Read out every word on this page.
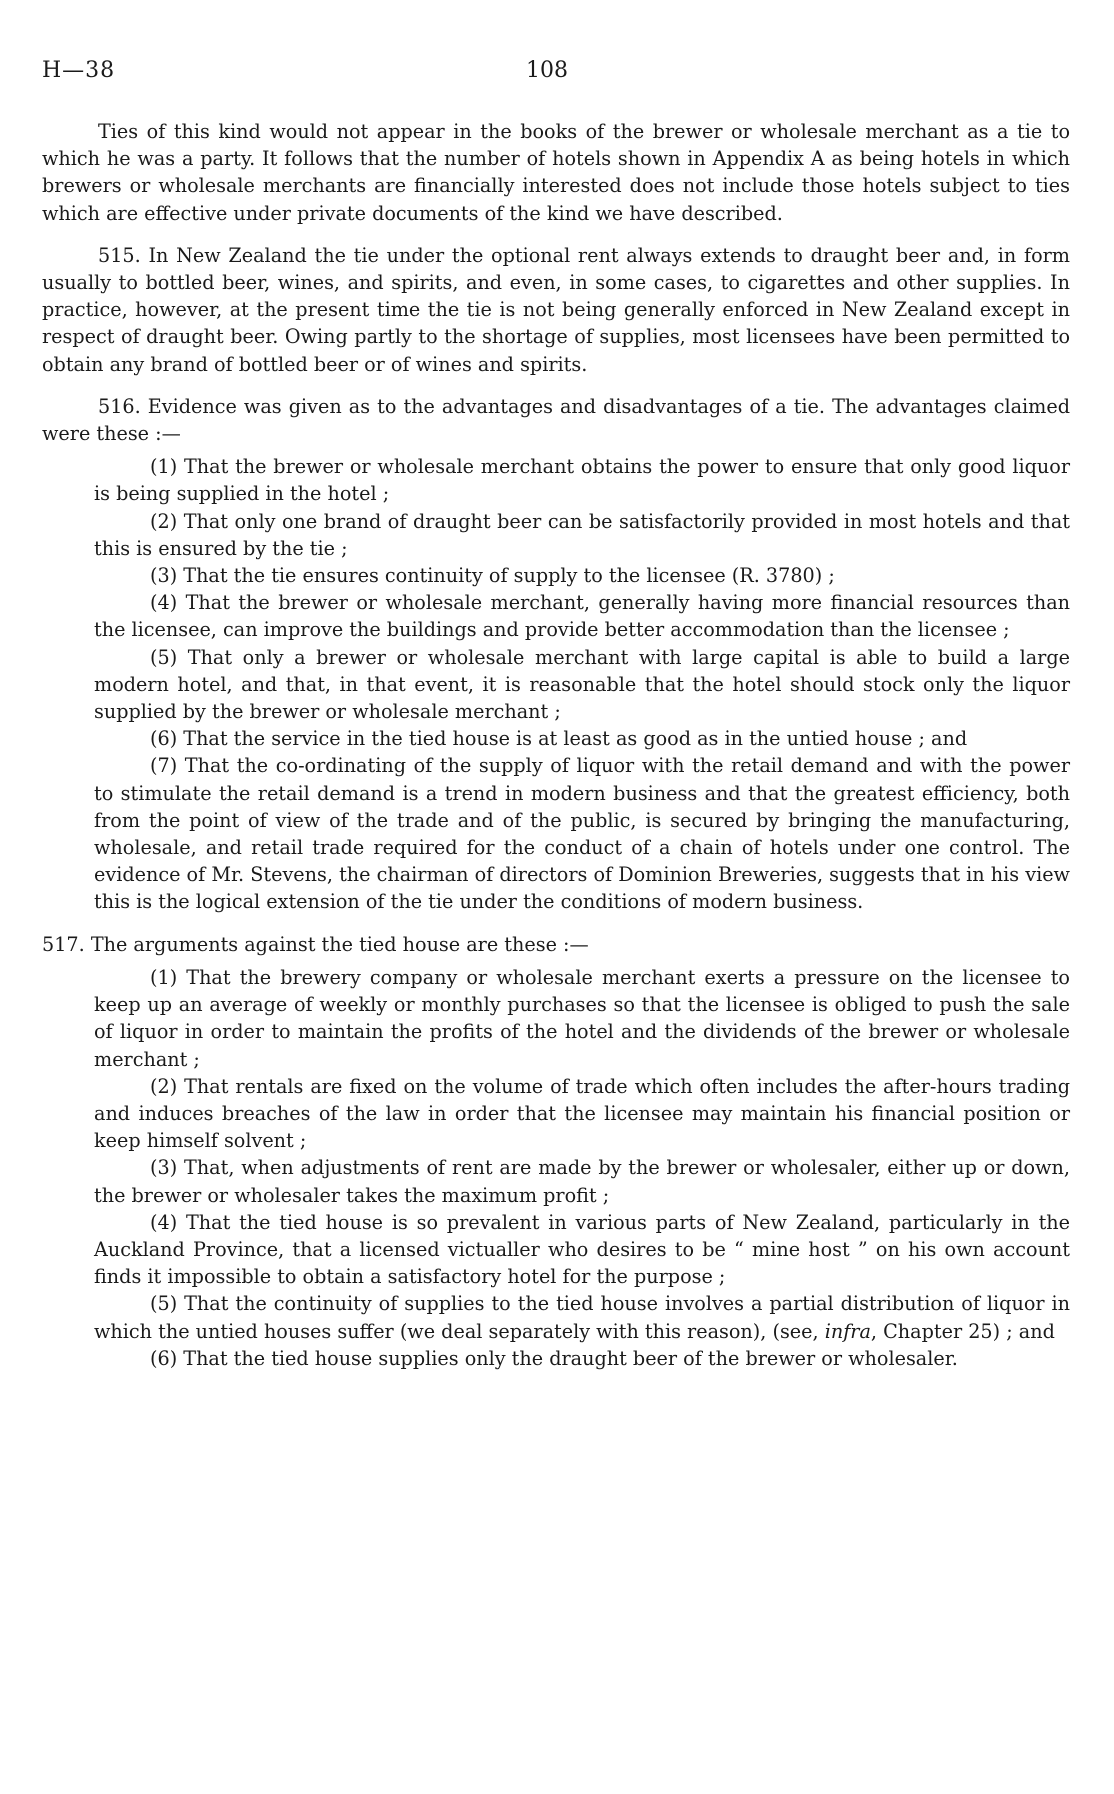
H—38	108

Ties of this kind would not appear in the books of the brewer or wholesale merchant as a tie to which he was a party. It follows that the number of hotels shown in Appendix A as being hotels in which brewers or wholesale merchants are financially interested does not include those hotels subject to ties which are effective under private documents of the kind we have described.

515. In New Zealand the tie under the optional rent always extends to draught beer and, in form usually to bottled beer, wines, and spirits, and even, in some cases, to cigarettes and other supplies. In practice, however, at the present time the tie is not being generally enforced in New Zealand except in respect of draught beer. Owing partly to the shortage of supplies, most licensees have been permitted to obtain any brand of bottled beer or of wines and spirits.

516. Evidence was given as to the advantages and disadvantages of a tie. The advantages claimed were these :—

(1) That the brewer or wholesale merchant obtains the power to ensure that only good liquor is being supplied in the hotel ;

(2) That only one brand of draught beer can be satisfactorily provided in most hotels and that this is ensured by the tie ;

(3) That the tie ensures continuity of supply to the licensee (R. 3780) ;

(4) That the brewer or wholesale merchant, generally having more financial resources than the licensee, can improve the buildings and provide better accommodation than the licensee ;

(5) That only a brewer or wholesale merchant with large capital is able to build a large modern hotel, and that, in that event, it is reasonable that the hotel should stock only the liquor supplied by the brewer or wholesale merchant ;

(6) That the service in the tied house is at least as good as in the untied house ; and

(7) That the co-ordinating of the supply of liquor with the retail demand and with the power to stimulate the retail demand is a trend in modern business and that the greatest efficiency, both from the point of view of the trade and of the public, is secured by bringing the manufacturing, wholesale, and retail trade required for the conduct of a chain of hotels under one control. The evidence of Mr. Stevens, the chairman of directors of Dominion Breweries, suggests that in his view this is the logical extension of the tie under the conditions of modern business.

517. The arguments against the tied house are these :—

(1) That the brewery company or wholesale merchant exerts a pressure on the licensee to keep up an average of weekly or monthly purchases so that the licensee is obliged to push the sale of liquor in order to maintain the profits of the hotel and the dividends of the brewer or wholesale merchant ;

(2) That rentals are fixed on the volume of trade which often includes the after-hours trading and induces breaches of the law in order that the licensee may maintain his financial position or keep himself solvent ;

(3) That, when adjustments of rent are made by the brewer or wholesaler, either up or down, the brewer or wholesaler takes the maximum profit ;

(4) That the tied house is so prevalent in various parts of New Zealand, particularly in the Auckland Province, that a licensed victualler who desires to be “ mine host ” on his own account finds it impossible to obtain a satisfactory hotel for the purpose ;

(5) That the continuity of supplies to the tied house involves a partial distribution of liquor in which the untied houses suffer (we deal separately with this reason), (see, infra, Chapter 25) ; and

(6) That the tied house supplies only the draught beer of the brewer or wholesaler.
